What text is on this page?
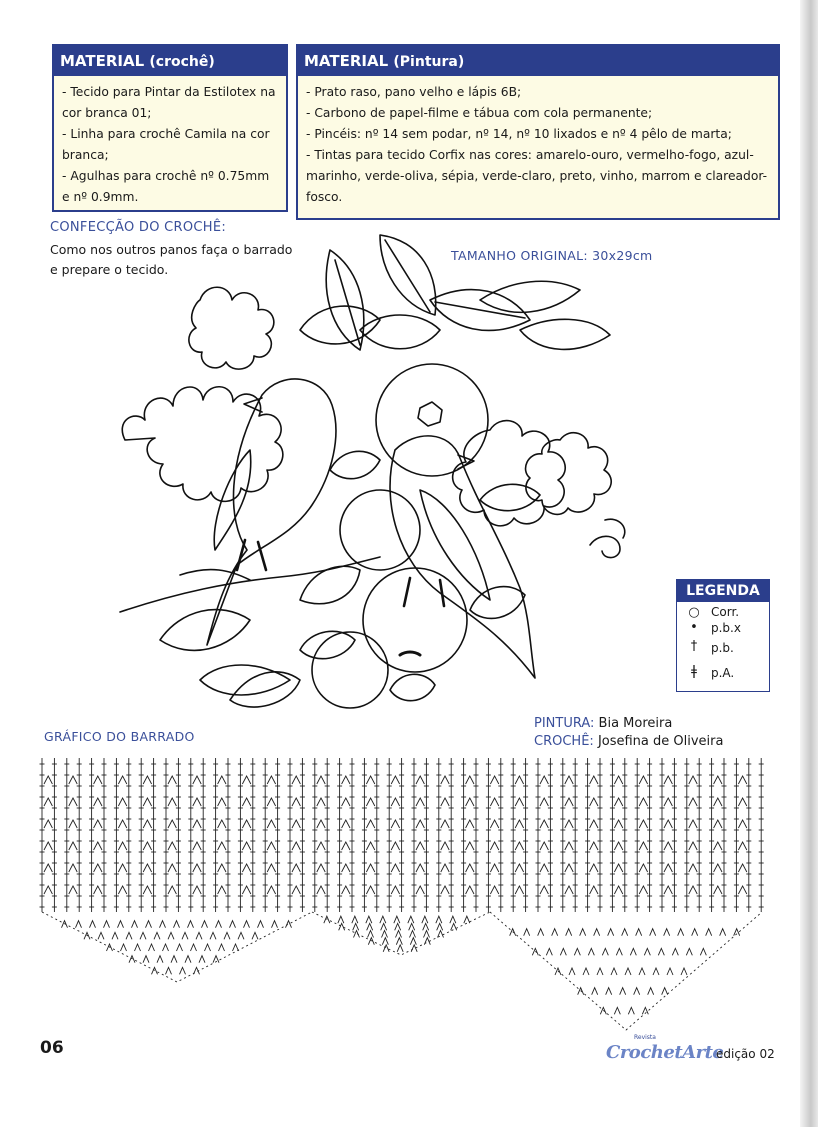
MATERIAL (crochê)
- Tecido para Pintar da Estilotex na cor branca 01;
- Linha para crochê Camila na cor branca;
- Agulhas para crochê nº 0.75mm e nº 0.9mm.
MATERIAL (Pintura)
- Prato raso, pano velho e lápis 6B;
- Carbono de papel-filme e tábua com cola permanente;
- Pincéis: nº 14 sem podar, nº 14, nº 10 lixados e nº 4 pêlo de marta;
- Tintas para tecido Corfix nas cores: amarelo-ouro, vermelho-fogo, azul-marinho, verde-oliva, sépia, verde-claro, preto, vinho, marrom e clareador-fosco.
CONFECÇÃO DO CROCHÊ:
Como nos outros panos faça o barrado
e prepare o tecido.
TAMANHO ORIGINAL: 30x29cm
LEGENDA
○ Corr.
• p.b.x
†	p.b.
ǂ	p.A.
PINTURA: Bia Moreira
CROCHÊ: Josefina de Oliveira
GRÁFICO DO BARRADO
06
Revista
CrochetArte
edição 02
